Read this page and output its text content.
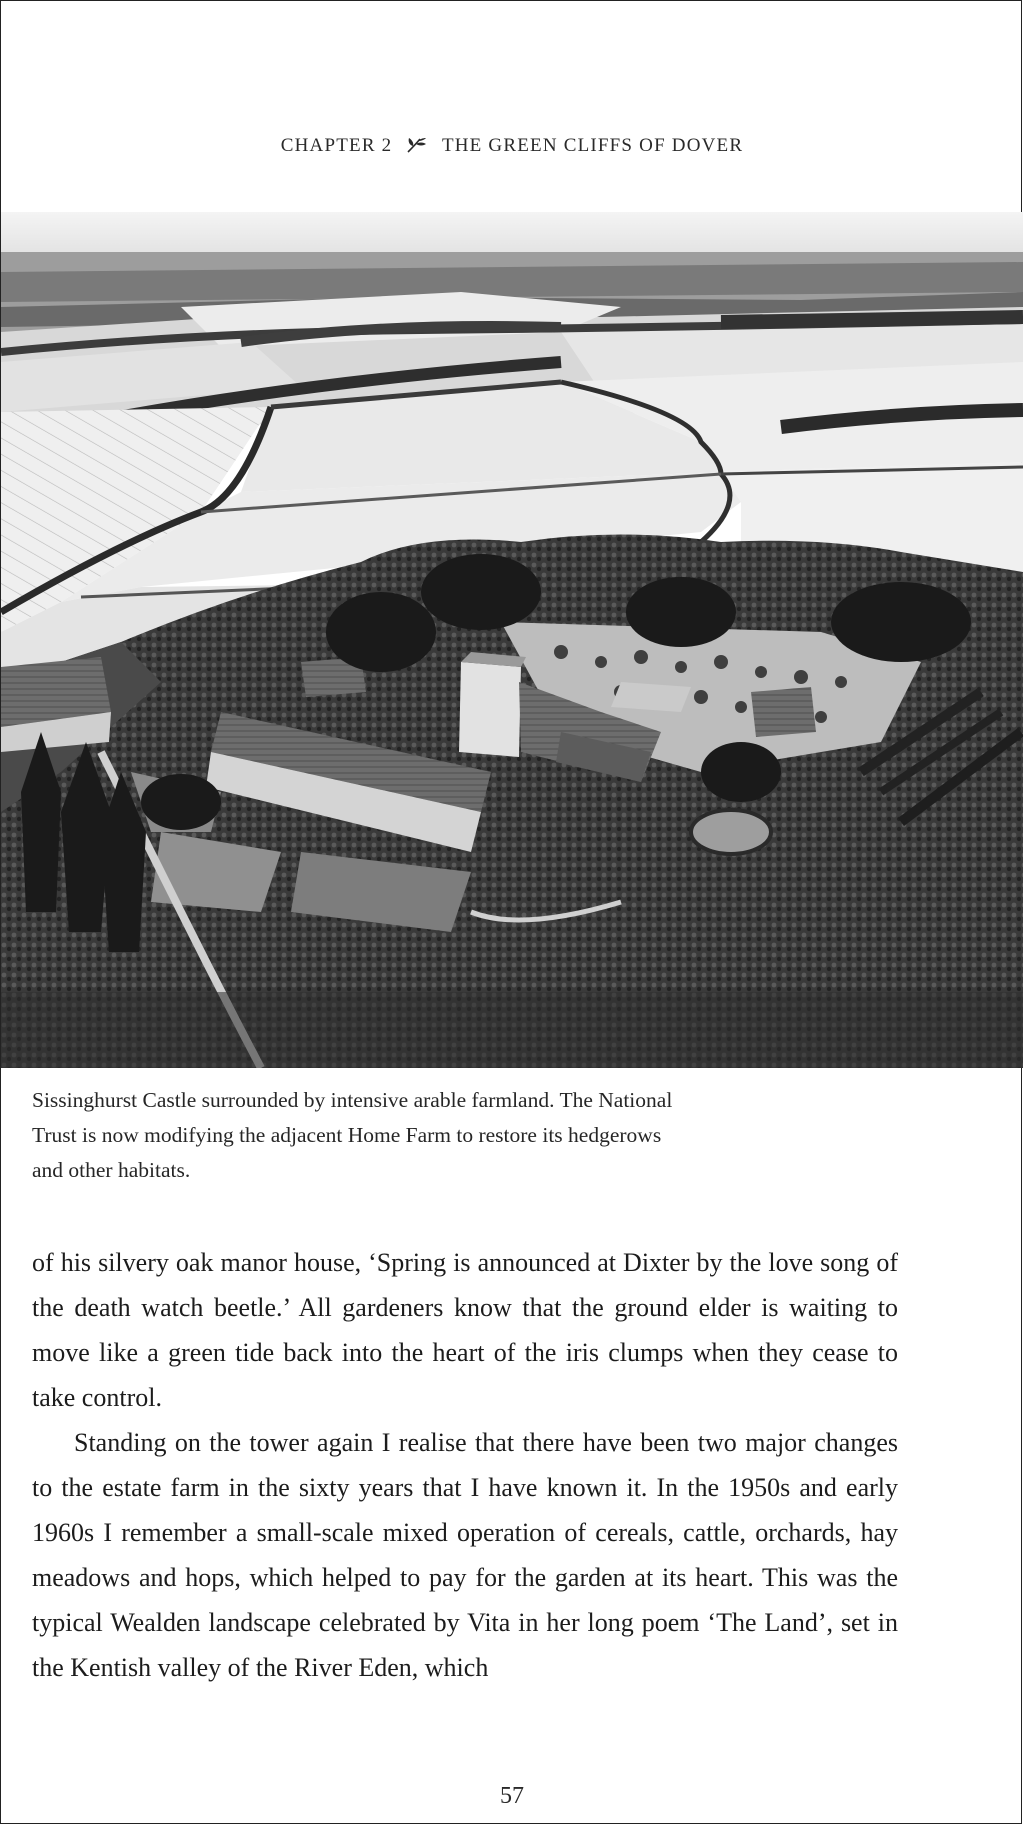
CHAPTER 2	THE GREEN CLIFFS OF DOVER
Sissinghurst Castle surrounded by intensive arable farmland. The National
Trust is now modifying the adjacent Home Farm to restore its hedgerows
and other habitats.

of his silvery oak manor house, ‘Spring is announced at Dixter by the love song of the death watch beetle.’ All gardeners know that the ground elder is waiting to move like a green tide back into the heart of the iris clumps when they cease to take control.

Standing on the tower again I realise that there have been two major changes to the estate farm in the sixty years that I have known it. In the 1950s and early 1960s I remember a small-scale mixed operation of cereals, cattle, orchards, hay meadows and hops, which helped to pay for the garden at its heart. This was the typical Wealden landscape celebrated by Vita in her long poem ‘The Land’, set in the Kentish valley of the River Eden, which

57
